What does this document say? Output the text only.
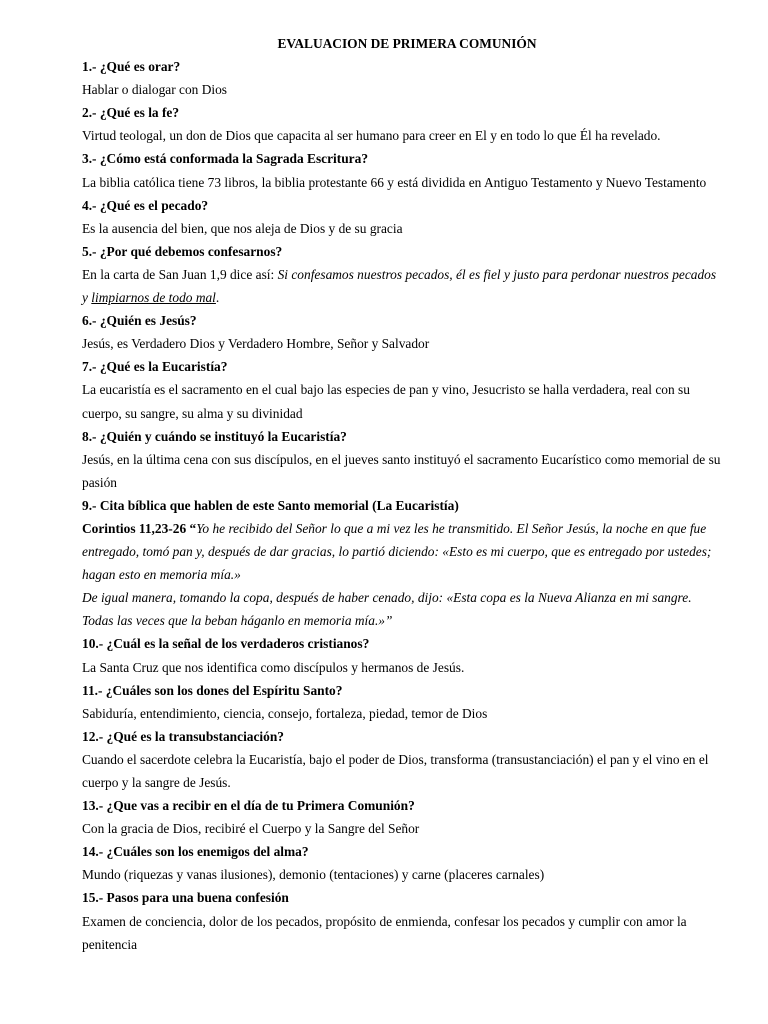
EVALUACION DE PRIMERA COMUNIÓN

1.- ¿Qué es orar?

Hablar o dialogar con Dios

2.- ¿Qué es la fe?

Virtud teologal, un don de Dios que capacita al ser humano para creer en El y en todo lo que Él ha revelado.

3.- ¿Cómo está conformada la Sagrada Escritura?

La biblia católica tiene 73 libros, la biblia protestante 66 y está dividida en Antiguo Testamento y Nuevo Testamento

4.- ¿Qué es el pecado?

Es la ausencia del bien, que nos aleja de Dios y de su gracia

5.- ¿Por qué debemos confesarnos?

En la carta de San Juan 1,9 dice así: Si confesamos nuestros pecados, él es fiel y justo para perdonar nuestros pecados y limpiarnos de todo mal.

6.- ¿Quién es Jesús?

Jesús, es Verdadero Dios y Verdadero Hombre, Señor y Salvador

7.- ¿Qué es la Eucaristía?

La eucaristía es el sacramento en el cual bajo las especies de pan y vino, Jesucristo se halla verdadera, real con su cuerpo, su sangre, su alma y su divinidad

8.- ¿Quién y cuándo se instituyó la Eucaristía?

Jesús, en la última cena con sus discípulos, en el jueves santo instituyó el sacramento Eucarístico como memorial de su pasión

9.- Cita bíblica que hablen de este Santo memorial (La Eucaristía)

Corintios 11,23-26 “Yo he recibido del Señor lo que a mi vez les he transmitido. El Señor Jesús, la noche en que fue entregado, tomó pan y, después de dar gracias, lo partió diciendo: «Esto es mi cuerpo, que es entregado por ustedes; hagan esto en memoria mía.»

De igual manera, tomando la copa, después de haber cenado, dijo: «Esta copa es la Nueva Alianza en mi sangre. Todas las veces que la beban háganlo en memoria mía.»”

10.- ¿Cuál es la señal de los verdaderos cristianos?

La Santa Cruz que nos identifica como discípulos y hermanos de Jesús.

11.- ¿Cuáles son los dones del Espíritu Santo?

Sabiduría, entendimiento, ciencia, consejo, fortaleza, piedad, temor de Dios

12.- ¿Qué es la transubstanciación?

Cuando el sacerdote celebra la Eucaristía, bajo el poder de Dios, transforma (transustanciación) el pan y el vino en el cuerpo y la sangre de Jesús.

13.- ¿Que vas a recibir en el día de tu Primera Comunión?

Con la gracia de Dios, recibiré el Cuerpo y la Sangre del Señor

14.- ¿Cuáles son los enemigos del alma?

Mundo (riquezas y vanas ilusiones), demonio (tentaciones) y carne (placeres carnales)

15.- Pasos para una buena confesión

Examen de conciencia, dolor de los pecados, propósito de enmienda, confesar los pecados y cumplir con amor la penitencia
